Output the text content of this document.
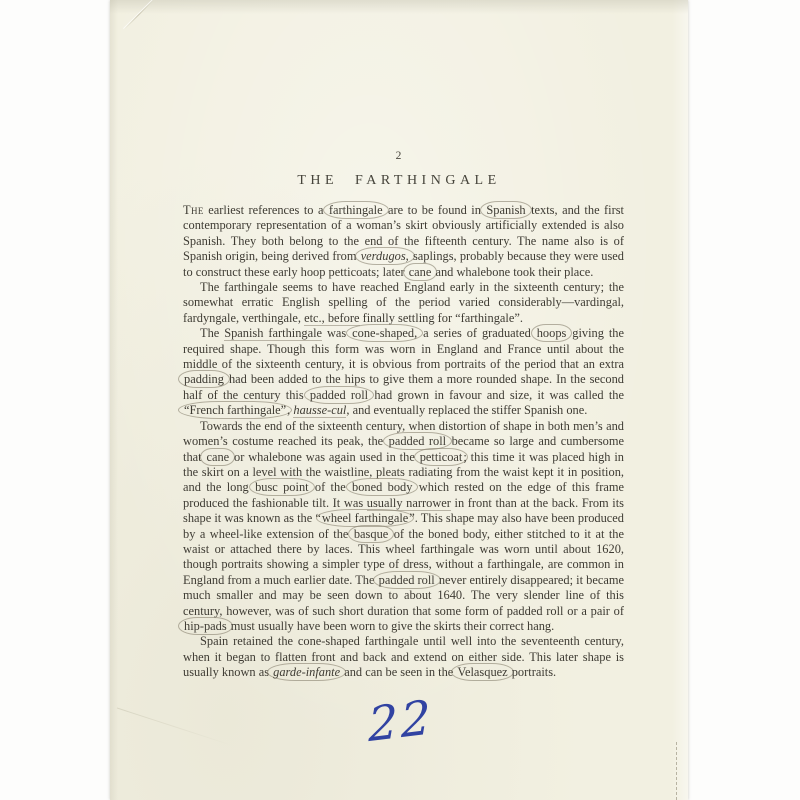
2
THE FARTHINGALE

The earliest references to a farthingale are to be found in Spanish texts, and the first contemporary representation of a woman’s skirt obviously artificially extended is also Spanish. They both belong to the end of the fifteenth century. The name also is of Spanish origin, being derived from verdugos, saplings, probably because they were used to construct these early hoop petticoats; later cane and whalebone took their place.

The farthingale seems to have reached England early in the sixteenth century; the somewhat erratic English spelling of the period varied considerably—vardingal, fardyngale, verthingale, etc., before finally settling for “farthingale”.

The Spanish farthingale was cone-shaped, a series of graduated hoops giving the required shape. Though this form was worn in England and France until about the middle of the sixteenth century, it is obvious from portraits of the period that an extra padding had been added to the hips to give them a more rounded shape. In the second half of the century this padded roll had grown in favour and size, it was called the “French farthingale”, hausse-cul, and eventually replaced the stiffer Spanish one.

Towards the end of the sixteenth century, when distortion of shape in both men’s and women’s costume reached its peak, the padded roll became so large and cumbersome that cane or whalebone was again used in the petticoat; this time it was placed high in the skirt on a level with the waistline, pleats radiating from the waist kept it in position, and the long busc point of the boned body which rested on the edge of this frame produced the fashionable tilt. It was usually narrower in front than at the back. From its shape it was known as the “wheel farthingale”. This shape may also have been produced by a wheel-like extension of the basque of the boned body, either stitched to it at the waist or attached there by laces. This wheel farthingale was worn until about 1620, though portraits showing a simpler type of dress, without a farthingale, are common in England from a much earlier date. The padded roll never entirely disappeared; it became much smaller and may be seen down to about 1640. The very slender line of this century, however, was of such short duration that some form of padded roll or a pair of hip-pads must usually have been worn to give the skirts their correct hang.

Spain retained the cone-shaped farthingale until well into the seventeenth century, when it began to flatten front and back and extend on either side. This later shape is usually known as garde-infante and can be seen in the Velasquez portraits.

22
